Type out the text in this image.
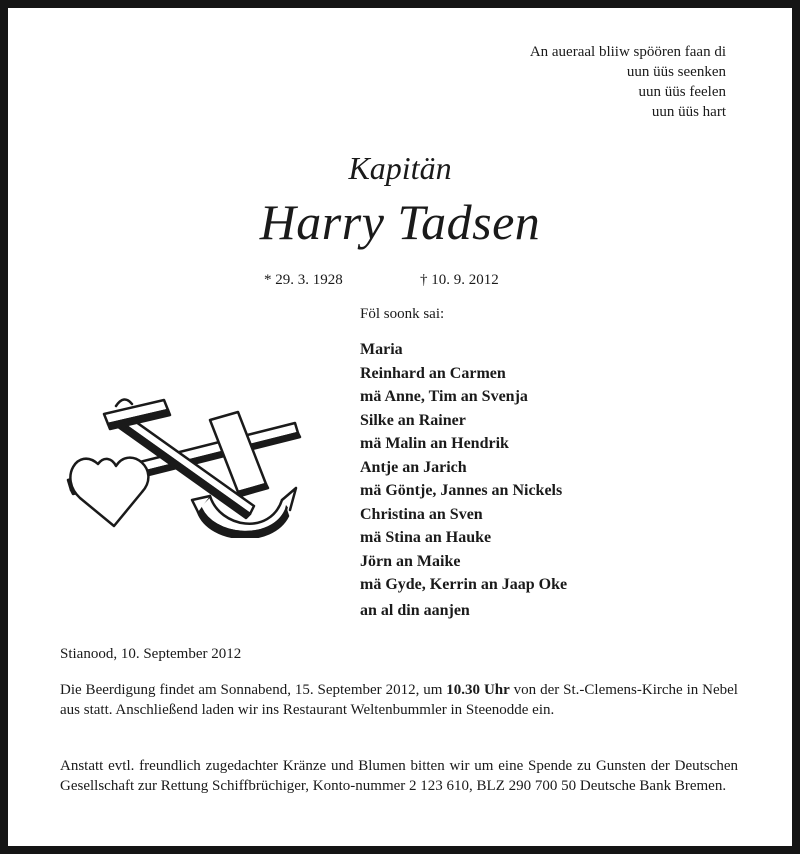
An aueraal bliiw spöören faan di
uun üüs seenken
uun üüs feelen
uun üüs hart
Kapitän
Harry Tadsen
* 29. 3. 1928	† 10. 9. 2012
Föl soonk sai:
Maria
Reinhard an Carmen
mä Anne, Tim an Svenja
Silke an Rainer
mä Malin an Hendrik
Antje an Jarich
mä Göntje, Jannes an Nickels
Christina an Sven
mä Stina an Hauke
Jörn an Maike
mä Gyde, Kerrin an Jaap Oke
an al din aanjen
Stianood, 10. September 2012
Die Beerdigung findet am Sonnabend, 15. September 2012, um 10.30 Uhr von der St.-Clemens-Kirche in Nebel aus statt. Anschließend laden wir ins Restaurant Weltenbummler in Steenodde ein.
Anstatt evtl. freundlich zugedachter Kränze und Blumen bitten wir um eine Spende zu Gunsten der Deutschen Gesellschaft zur Rettung Schiffbrüchiger, Konto-nummer 2 123 610, BLZ 290 700 50 Deutsche Bank Bremen.
